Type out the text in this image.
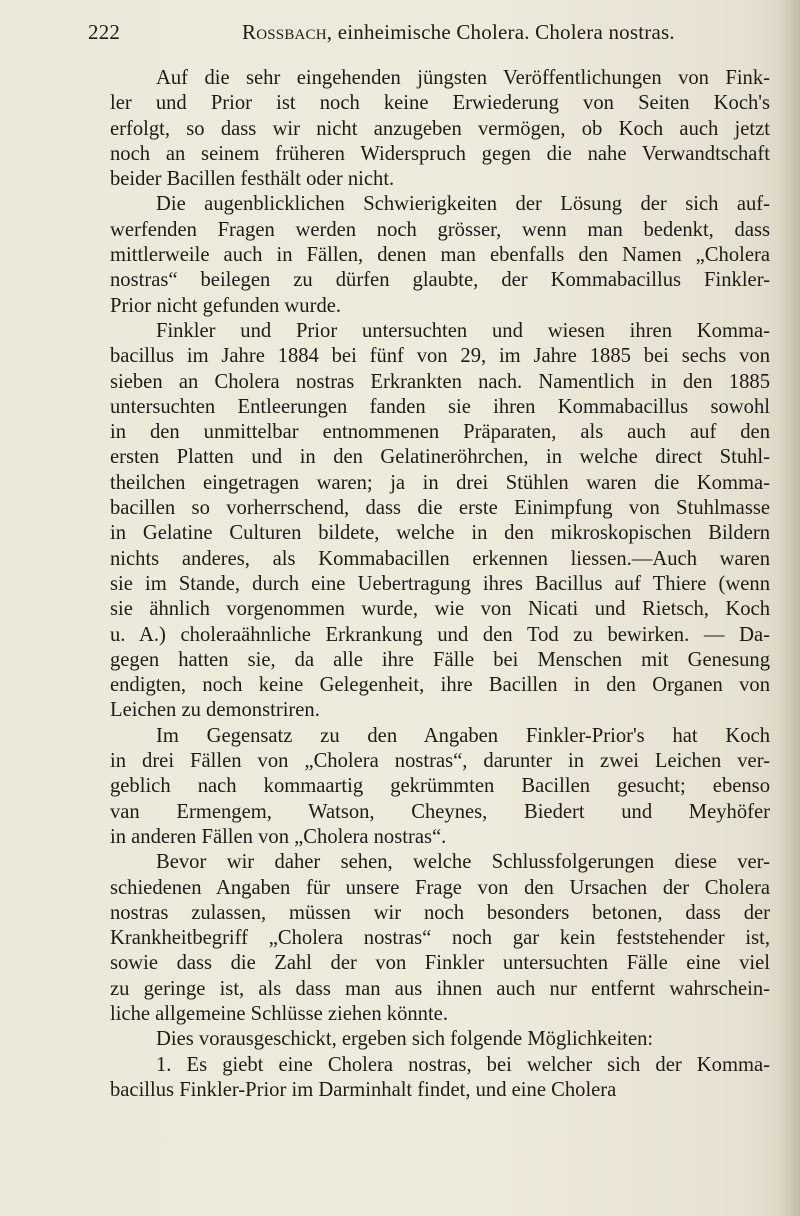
222	Rossbach, einheimische Cholera. Cholera nostras.
Auf die sehr eingehenden jüngsten Veröffentlichungen von Fink-
ler und Prior ist noch keine Erwiederung von Seiten Koch's
erfolgt, so dass wir nicht anzugeben vermögen, ob Koch auch jetzt
noch an seinem früheren Widerspruch gegen die nahe Verwandtschaft
beider Bacillen festhält oder nicht.
Die augenblicklichen Schwierigkeiten der Lösung der sich auf-
werfenden Fragen werden noch grösser, wenn man bedenkt, dass
mittlerweile auch in Fällen, denen man ebenfalls den Namen „Cholera
nostras“ beilegen zu dürfen glaubte, der Kommabacillus Finkler-
Prior nicht gefunden wurde.
Finkler und Prior untersuchten und wiesen ihren Komma-
bacillus im Jahre 1884 bei fünf von 29, im Jahre 1885 bei sechs von
sieben an Cholera nostras Erkrankten nach. Namentlich in den 1885
untersuchten Entleerungen fanden sie ihren Kommabacillus sowohl
in den unmittelbar entnommenen Präparaten, als auch auf den
ersten Platten und in den Gelatineröhrchen, in welche direct Stuhl-
theilchen eingetragen waren; ja in drei Stühlen waren die Komma-
bacillen so vorherrschend, dass die erste Einimpfung von Stuhlmasse
in Gelatine Culturen bildete, welche in den mikroskopischen Bildern
nichts anderes, als Kommabacillen erkennen liessen.—Auch waren
sie im Stande, durch eine Uebertragung ihres Bacillus auf Thiere (wenn
sie ähnlich vorgenommen wurde, wie von Nicati und Rietsch, Koch
u. A.) choleraähnliche Erkrankung und den Tod zu bewirken. — Da-
gegen hatten sie, da alle ihre Fälle bei Menschen mit Genesung
endigten, noch keine Gelegenheit, ihre Bacillen in den Organen von
Leichen zu demonstriren.
Im Gegensatz zu den Angaben Finkler-Prior's hat Koch
in drei Fällen von „Cholera nostras“, darunter in zwei Leichen ver-
geblich nach kommaartig gekrümmten Bacillen gesucht; ebenso
van Ermengem, Watson, Cheynes, Biedert und Meyhöfer
in anderen Fällen von „Cholera nostras“.
Bevor wir daher sehen, welche Schlussfolgerungen diese ver-
schiedenen Angaben für unsere Frage von den Ursachen der Cholera
nostras zulassen, müssen wir noch besonders betonen, dass der
Krankheitbegriff „Cholera nostras“ noch gar kein feststehender ist,
sowie dass die Zahl der von Finkler untersuchten Fälle eine viel
zu geringe ist, als dass man aus ihnen auch nur entfernt wahrschein-
liche allgemeine Schlüsse ziehen könnte.
Dies vorausgeschickt, ergeben sich folgende Möglichkeiten:
1. Es giebt eine Cholera nostras, bei welcher sich der Komma-
bacillus Finkler-Prior im Darminhalt findet, und eine Cholera
